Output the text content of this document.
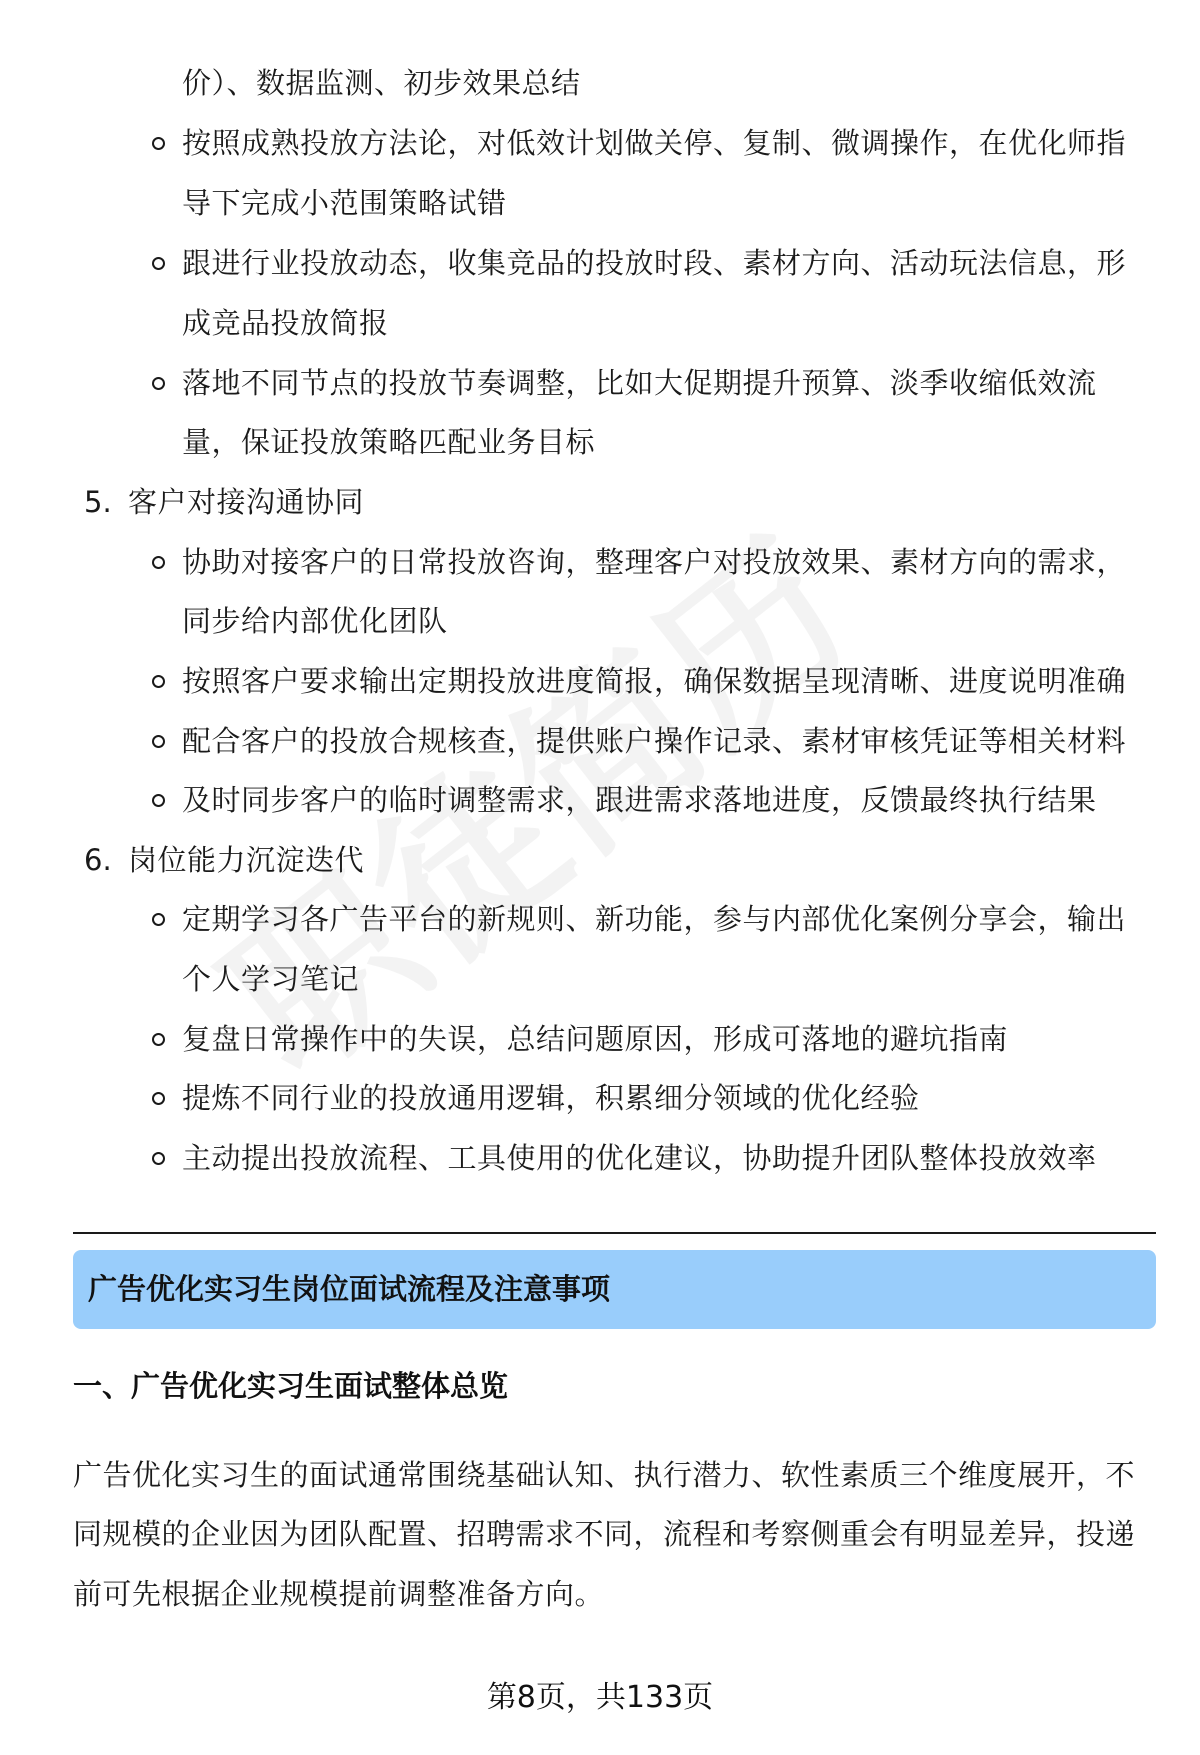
价）、数据监测、初步效果总结
按照成熟投放方法论，对低效计划做关停、复制、微调操作，在优化师指
导下完成小范围策略试错
跟进行业投放动态，收集竞品的投放时段、素材方向、活动玩法信息，形
成竞品投放简报
落地不同节点的投放节奏调整，比如大促期提升预算、淡季收缩低效流
量，保证投放策略匹配业务目标
5. 客户对接沟通协同
协助对接客户的日常投放咨询，整理客户对投放效果、素材方向的需求，
同步给内部优化团队
按照客户要求输出定期投放进度简报，确保数据呈现清晰、进度说明准确
配合客户的投放合规核查，提供账户操作记录、素材审核凭证等相关材料
及时同步客户的临时调整需求，跟进需求落地进度，反馈最终执行结果
6. 岗位能力沉淀迭代
定期学习各广告平台的新规则、新功能，参与内部优化案例分享会，输出
个人学习笔记
复盘日常操作中的失误，总结问题原因，形成可落地的避坑指南
提炼不同行业的投放通用逻辑，积累细分领域的优化经验
主动提出投放流程、工具使用的优化建议，协助提升团队整体投放效率
广告优化实习生岗位面试流程及注意事项
一、广告优化实习生面试整体总览
广告优化实习生的面试通常围绕基础认知、执行潜力、软性素质三个维度展开，不
同规模的企业因为团队配置、招聘需求不同，流程和考察侧重会有明显差异，投递
前可先根据企业规模提前调整准备方向。
第8页，共133页
